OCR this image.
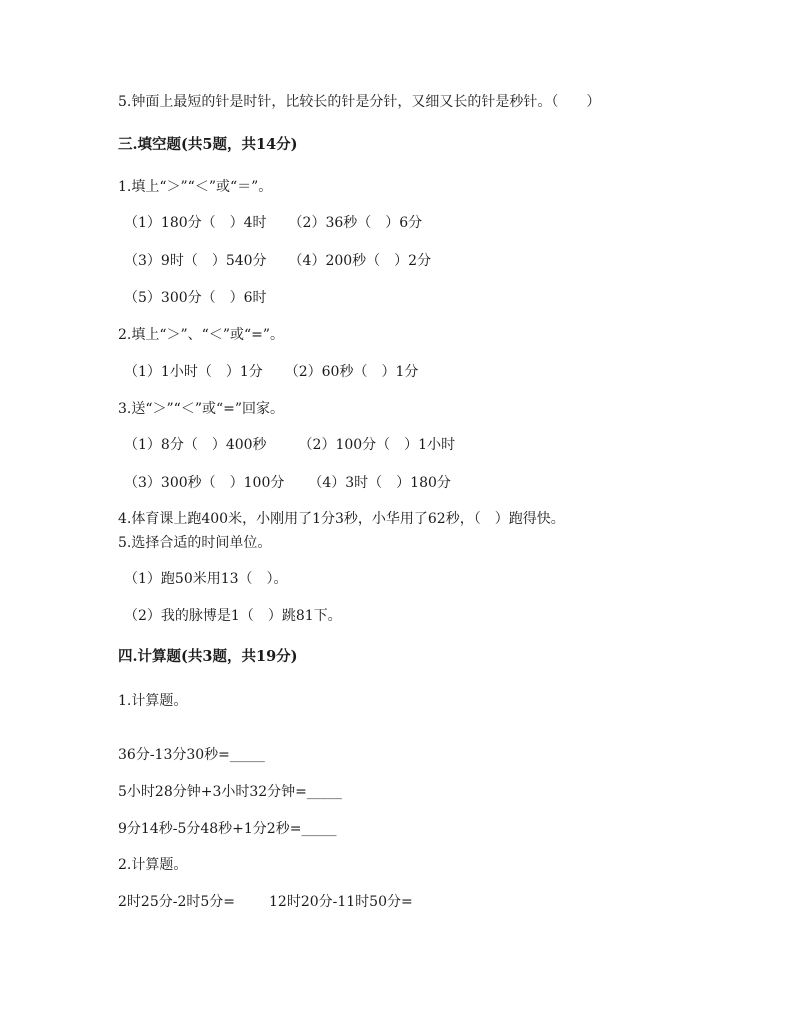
5.钟面上最短的针是时针，比较长的针是分针，又细又长的针是秒针。（　　）
三.填空题(共5题，共14分)
1.填上“＞”“＜”或“＝”。
（1）180分（　）4时 （2）36秒（　）6分
（3）9时（　）540分 （4）200秒（　）2分
（5）300分（　）6时
2.填上“＞”、“＜”或“=”。
（1）1小时（　）1分 （2）60秒（　）1分
3.送“＞”“＜”或“=”回家。
（1）8分（　）400秒 （2）100分（　）1小时
（3）300秒（　）100分 （4）3时（　）180分
4.体育课上跑400米，小刚用了1分3秒，小华用了62秒，（　）跑得快。
5.选择合适的时间单位。
（1）跑50米用13（　）。
（2）我的脉博是1（　）跳81下。
四.计算题(共3题，共19分)
1.计算题。
36分-13分30秒=_____
5小时28分钟+3小时32分钟=_____
9分14秒-5分48秒+1分2秒=_____
2.计算题。
2时25分-2时5分= 12时20分-11时50分=
